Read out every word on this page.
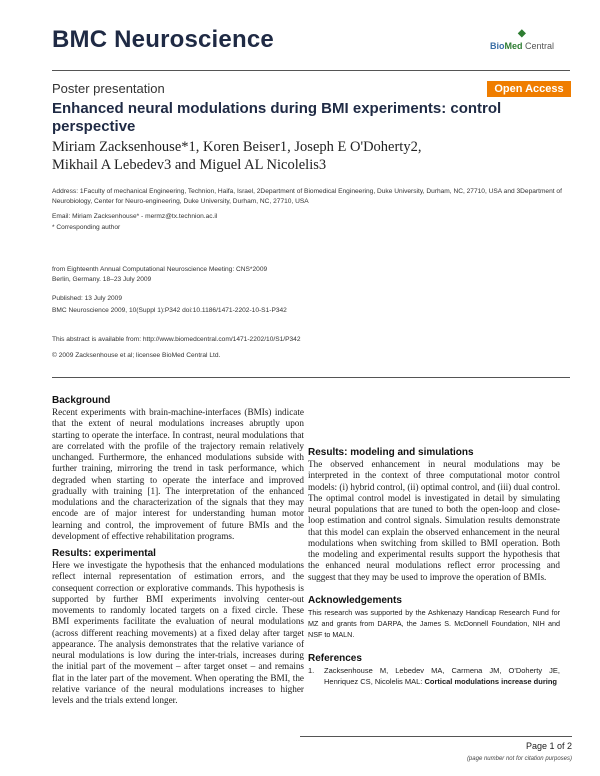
BMC Neuroscience	◆
BioMed Central
Poster presentation	Open Access
Enhanced neural modulations during BMI experiments: control perspective
Miriam Zacksenhouse*1, Koren Beiser1, Joseph E O'Doherty2,
Mikhail A Lebedev3 and Miguel AL Nicolelis3
Address: 1Faculty of mechanical Engineering, Technion, Haifa, Israel, 2Department of Biomedical Engineering, Duke University, Durham, NC, 27710, USA and 3Department of Neurobiology, Center for Neuro-engineering, Duke University, Durham, NC, 27710, USA
Email: Miriam Zacksenhouse* - mermz@tx.technion.ac.il
* Corresponding author
from Eighteenth Annual Computational Neuroscience Meeting: CNS*2009
Berlin, Germany. 18–23 July 2009
Published: 13 July 2009
BMC Neuroscience 2009, 10(Suppl 1):P342 doi:10.1186/1471-2202-10-S1-P342
This abstract is available from: http://www.biomedcentral.com/1471-2202/10/S1/P342
© 2009 Zacksenhouse et al; licensee BioMed Central Ltd.
Background

Recent experiments with brain-machine-interfaces (BMIs) indicate that the extent of neural modulations increases abruptly upon starting to operate the interface. In contrast, neural modulations that are correlated with the profile of the trajectory remain relatively unchanged. Furthermore, the enhanced modulations subside with further training, mirroring the trend in task performance, which degraded when starting to operate the interface and improved gradually with training [1]. The interpretation of the enhanced modulations and the characterization of the signals that they may encode are of major interest for understanding human motor learning and control, the improvement of future BMIs and the development of effective rehabilitation programs.

Results: experimental

Here we investigate the hypothesis that the enhanced modulations reflect internal representation of estimation errors, and the consequent correction or explorative commands. This hypothesis is supported by further BMI experiments involving center-out movements to randomly located targets on a fixed circle. These BMI experiments facilitate the evaluation of neural modulations (across different reaching movements) at a fixed delay after target appearance. The analysis demonstrates that the relative variance of neural modulations is low during the inter-trials, increases during the initial part of the movement – after target onset – and remains flat in the later part of the movement. When operating the BMI, the relative variance of the neural modulations increases to higher levels and the trials extend longer.

Results: modeling and simulations

The observed enhancement in neural modulations may be interpreted in the context of three computational motor control models: (i) hybrid control, (ii) optimal control, and (iii) dual control. The optimal control model is investigated in detail by simulating neural populations that are tuned to both the open-loop and close-loop estimation and control signals. Simulation results demonstrate that this model can explain the observed enhancement in the neural modulations when switching from skilled to BMI operation. Both the modeling and experimental results support the hypothesis that the enhanced neural modulations reflect error processing and suggest that they may be used to improve the operation of BMIs.

Acknowledgements

This research was supported by the Ashkenazy Handicap Research Fund for MZ and grants from DARPA, the James S. McDonnell Foundation, NIH and NSF to MALN.

References
1.	Zacksenhouse M, Lebedev MA, Carmena JM, O'Doherty JE, Henriquez CS, Nicolelis MAL: Cortical modulations increase during
Page 1 of 2
(page number not for citation purposes)
